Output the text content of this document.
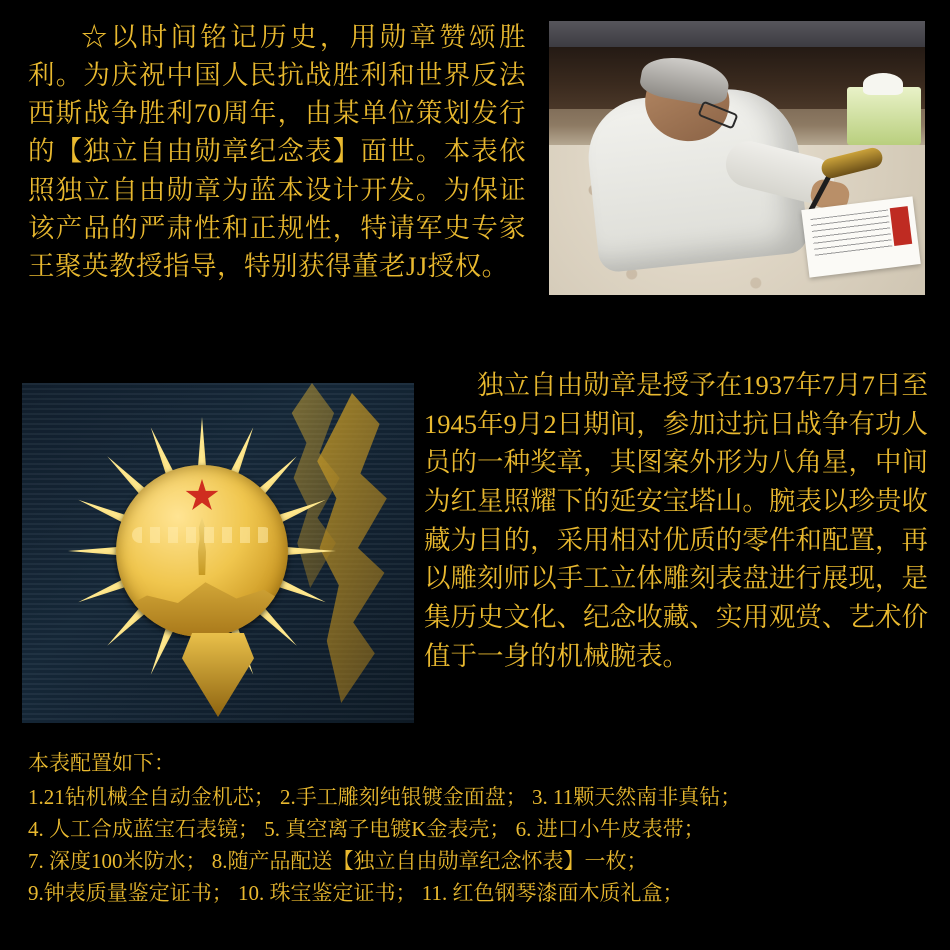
☆以时间铭记历史，用勋章赞颂胜利。为庆祝中国人民抗战胜利和世界反法西斯战争胜利70周年，由某单位策划发行的【独立自由勋章纪念表】面世。本表依照独立自由勋章为蓝本设计开发。为保证该产品的严肃性和正规性，特请军史专家王聚英教授指导，特别获得董老JJ授权。
独立自由勋章是授予在1937年7月7日至1945年9月2日期间，参加过抗日战争有功人员的一种奖章，其图案外形为八角星，中间为红星照耀下的延安宝塔山。腕表以珍贵收藏为目的，采用相对优质的零件和配置，再以雕刻师以手工立体雕刻表盘进行展现，是集历史文化、纪念收藏、实用观赏、艺术价值于一身的机械腕表。
本表配置如下：
1.21钻机械全自动金机芯； 2.手工雕刻纯银镀金面盘； 3. 11颗天然南非真钻；
4. 人工合成蓝宝石表镜； 5. 真空离子电镀K金表壳； 6. 进口小牛皮表带；
7. 深度100米防水； 8.随产品配送【独立自由勋章纪念怀表】一枚；
9.钟表质量鉴定证书； 10. 珠宝鉴定证书； 11. 红色钢琴漆面木质礼盒；
